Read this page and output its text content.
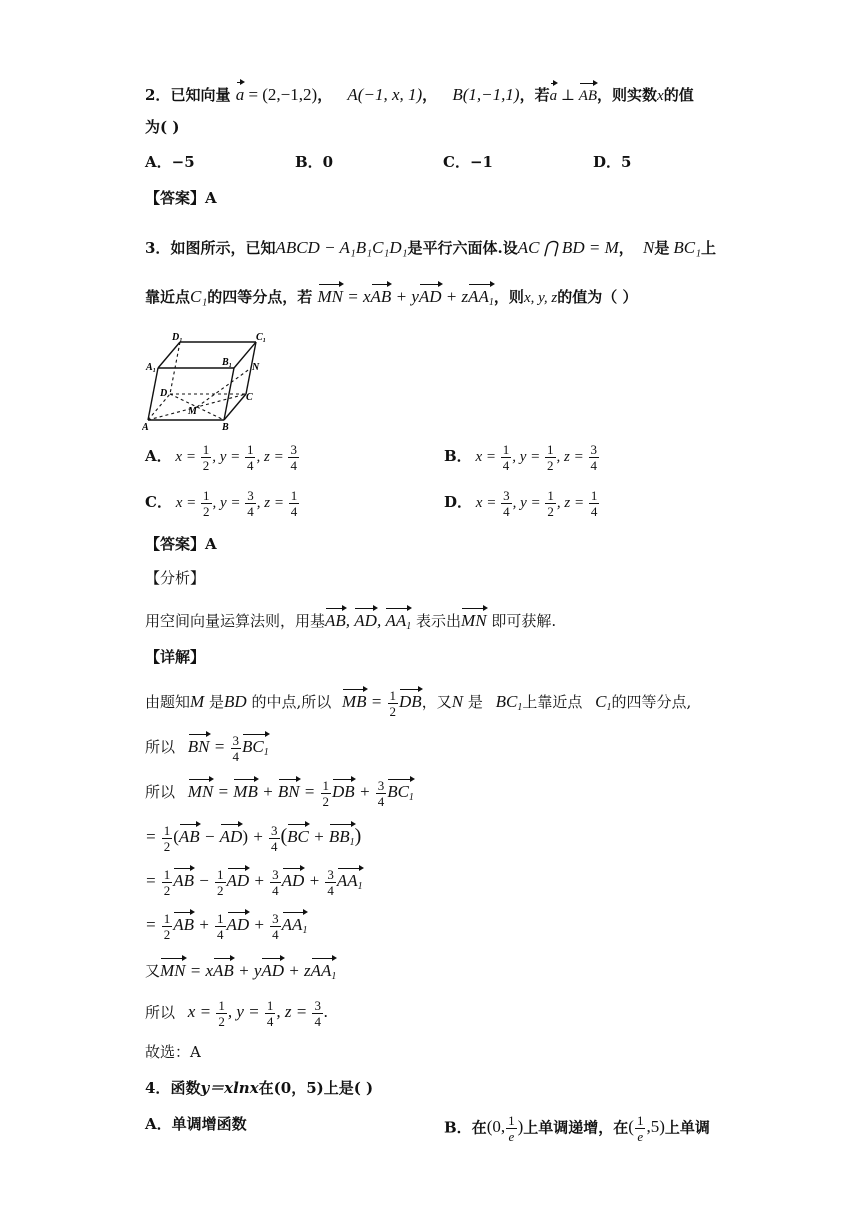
2．已知向量 a = (2,−1,2)， A(−1, x, 1)， B(1,−1,1)，若a ⊥ AB，则实数x的值
为( )
A．−5	B．0	C．−1	D．5
【答案】A
3．如图所示，已知ABCD − A₁B₁C₁D₁是平行六面体.设AC ⋂ BD = M， N是 BC₁上
靠近点C₁的四等分点，若 MN = xAB + yAD + zAA$_1$，则x, y, z的值为（ ）
D₁	C₁
A₁	B₁ N
D	C
M
A	B
A． $x = \frac{1}{2}$ , $y = \frac{1}{4}$ , $z = \frac{3}{4}$	B． $x = \frac{1}{4}$ , $y = \frac{1}{2}$ , $z = \frac{3}{4}$
C． $x = \frac{1}{2}$ , $y = \frac{3}{4}$ , $z = \frac{1}{4}$	D． $x = \frac{3}{4}$ , $y = \frac{1}{2}$ , $z = \frac{1}{4}$
【答案】A
【分析】
用空间向量运算法则，用基AB, AD, $AA_1$ 表示出MN 即可获解.
【详解】
由题知M 是BD 的中点,所以 MB = $\frac{1}{2}$ DB，又N 是 $BC_1$上靠近点 $C_1$的四等分点,
所以 BN = $\frac{3}{4} BC_1$
所以 MN = MB + BN = $\frac{1}{2}$ DB + $\frac{3}{4} BC_1$
= $\frac{1}{2} (AB - AD) + \frac{3}{4} (BC + BB_1)$
= $\frac{1}{2}$ AB − $\frac{1}{2}$ AD + $\frac{3}{4}$ AD + $\frac{3}{4} AA_1$
= $\frac{1}{2}$ AB + $\frac{1}{4}$ AD + $\frac{3}{4} AA_1$
又MN = xAB + yAD + zAA$_1$
所以 $x = \frac{1}{2}$ , $y = \frac{1}{4}$ , $z = \frac{3}{4}$ .
故选：A
4．函数y＝xlnx在(0，5)上是( )
A．单调增函数	B．在(0, $\frac{1}{e}$ )上单调递增，在( $\frac{1}{e} ,5$)上单调
